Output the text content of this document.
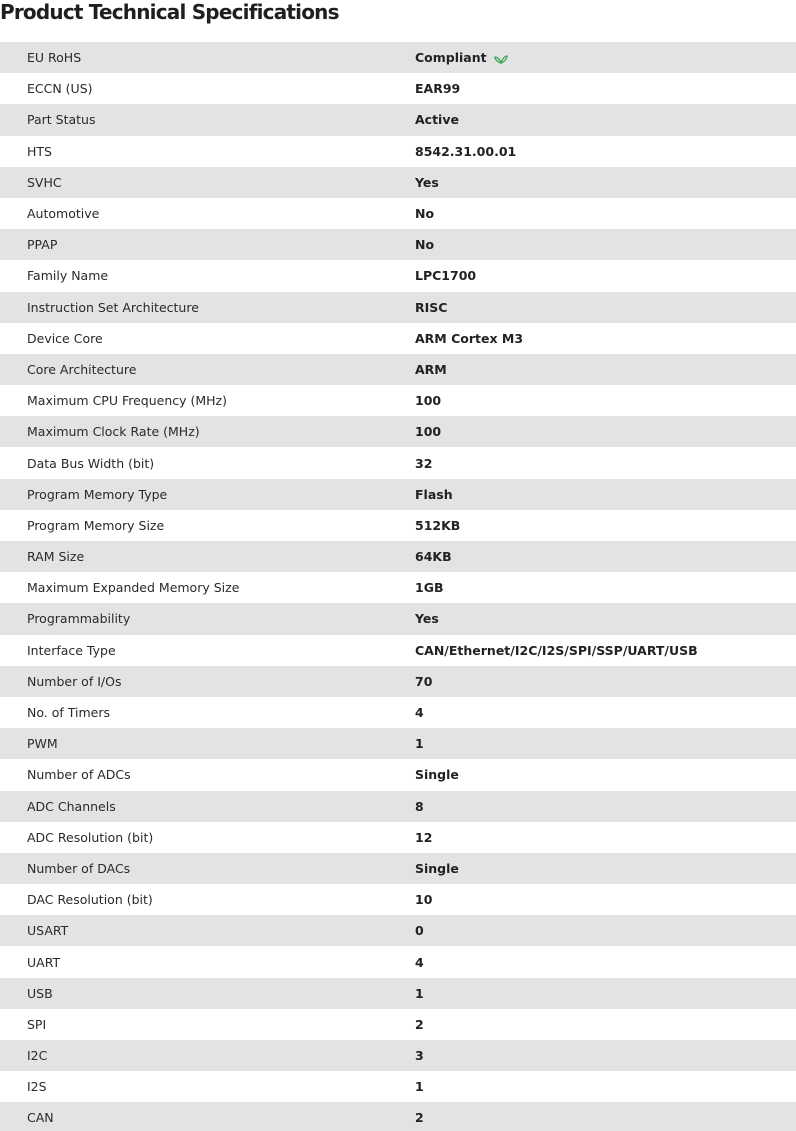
Product Technical Specifications
EU RoHS	Compliant
ECCN (US)	EAR99
Part Status	Active
HTS	8542.31.00.01
SVHC	Yes
Automotive	No
PPAP	No
Family Name	LPC1700
Instruction Set Architecture	RISC
Device Core	ARM Cortex M3
Core Architecture	ARM
Maximum CPU Frequency (MHz)	100
Maximum Clock Rate (MHz)	100
Data Bus Width (bit)	32
Program Memory Type	Flash
Program Memory Size	512KB
RAM Size	64KB
Maximum Expanded Memory Size	1GB
Programmability	Yes
Interface Type	CAN/Ethernet/I2C/I2S/SPI/SSP/UART/USB
Number of I/Os	70
No. of Timers	4
PWM	1
Number of ADCs	Single
ADC Channels	8
ADC Resolution (bit)	12
Number of DACs	Single
DAC Resolution (bit)	10
USART	0
UART	4
USB	1
SPI	2
I2C	3
I2S	1
CAN	2
